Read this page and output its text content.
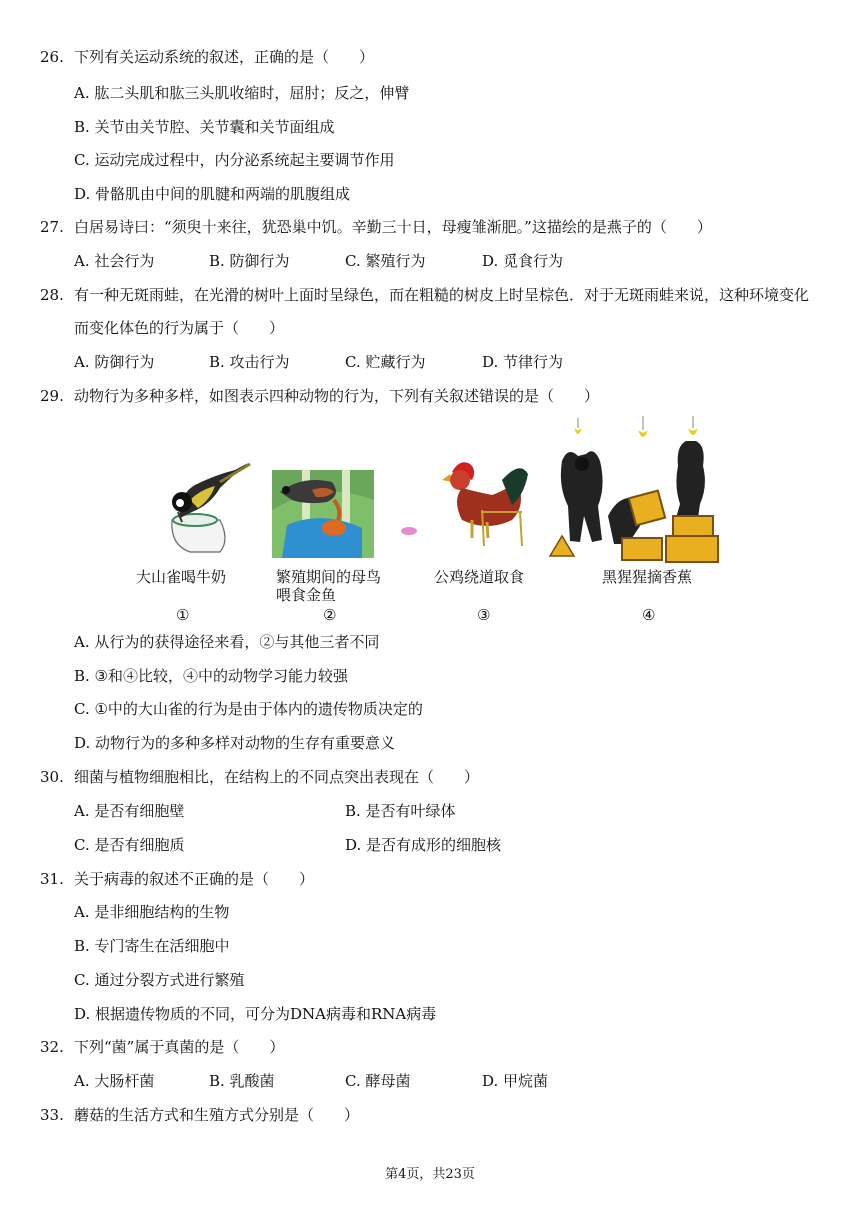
26. 下列有关运动系统的叙述，正确的是（　　）
A. 肱二头肌和肱三头肌收缩时，屈肘；反之，伸臂
B. 关节由关节腔、关节囊和关节面组成
C. 运动完成过程中，内分泌系统起主要调节作用
D. 骨骼肌由中间的肌腱和两端的肌腹组成
27. 白居易诗曰：“须臾十来往，犹恐巢中饥。辛勤三十日，母瘦雏渐肥。”这描绘的是燕子的（　　）
A. 社会行为	B. 防御行为	C. 繁殖行为	D. 觅食行为
28. 有一种无斑雨蛙，在光滑的树叶上面时呈绿色，而在粗糙的树皮上时呈棕色．对于无斑雨蛙来说，这种环境变化
而变化体色的行为属于（　　）
A. 防御行为	B. 攻击行为	C. 贮藏行为	D. 节律行为
29. 动物行为多种多样，如图表示四种动物的行为，下列有关叙述错误的是（　　）
大山雀喝牛奶	繁殖期间的母鸟
喂食金鱼
公鸡绕道取食	黑猩猩摘香蕉
①	②	③	④
A. 从行为的获得途径来看，②与其他三者不同
B. ③和④比较，④中的动物学习能力较强
C. ①中的大山雀的行为是由于体内的遗传物质决定的
D. 动物行为的多种多样对动物的生存有重要意义
30. 细菌与植物细胞相比，在结构上的不同点突出表现在（　　）
A. 是否有细胞壁	B. 是否有叶绿体
C. 是否有细胞质	D. 是否有成形的细胞核
31. 关于病毒的叙述不正确的是（　　）
A. 是非细胞结构的生物
B. 专门寄生在活细胞中
C. 通过分裂方式进行繁殖
D. 根据遗传物质的不同，可分为DNA病毒和RNA病毒
32. 下列“菌”属于真菌的是（　　）
A. 大肠杆菌	B. 乳酸菌	C. 酵母菌	D. 甲烷菌
33. 蘑菇的生活方式和生殖方式分别是（　　）
第4页，共23页
